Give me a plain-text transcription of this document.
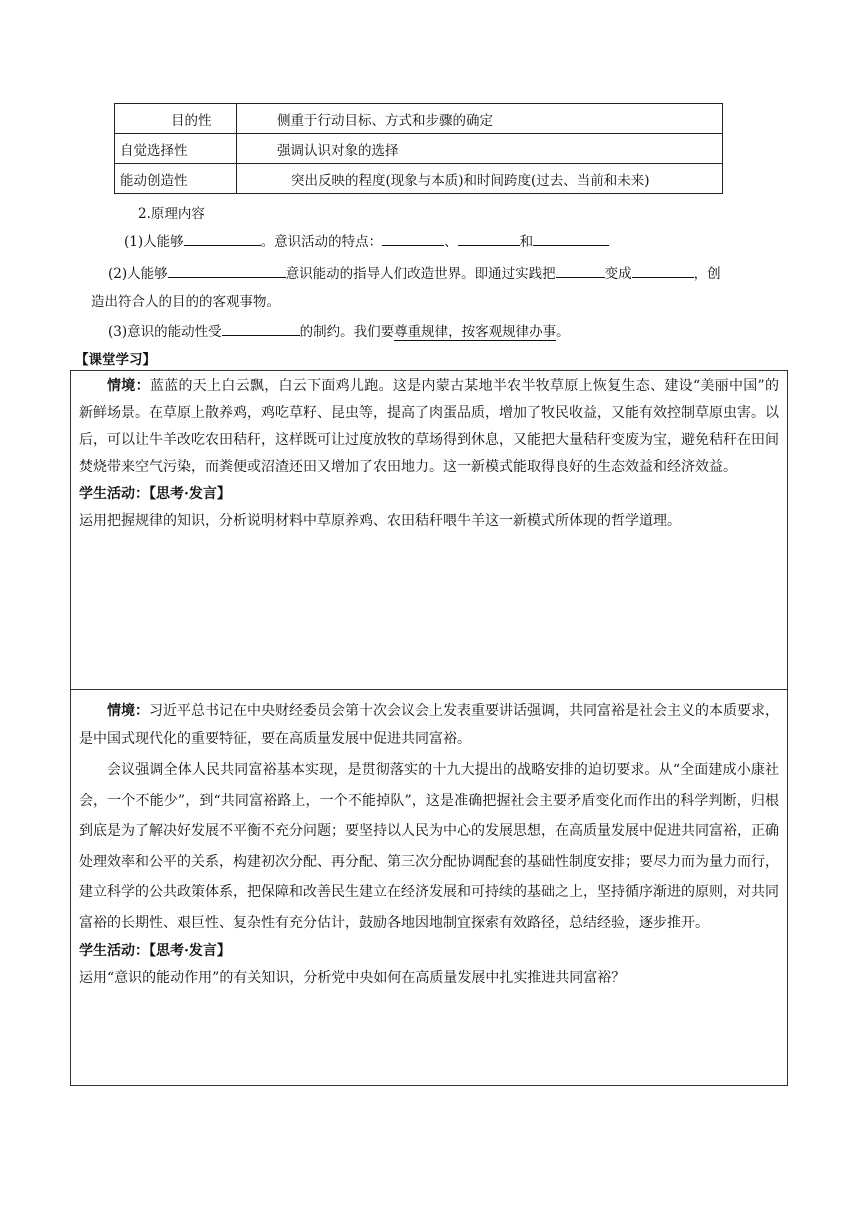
目的性	侧重于行动目标、方式和步骤的确定
自觉选择性	强调认识对象的选择
能动创造性	突出反映的程度(现象与本质)和时间跨度(过去、当前和未来)
2.原理内容
(1)人能够	。意识活动的特点：	、	和
(2)人能够	意识能动的指导人们改造世界。即通过实践把	变成	，创
造出符合人的目的的客观事物。
(3)意识的能动性受	的制约。我们要尊重规律，按客观规律办事。
【课堂学习】

情境：蓝蓝的天上白云飘，白云下面鸡儿跑。这是内蒙古某地半农半牧草原上恢复生态、建设“美丽中国”的新鲜场景。在草原上散养鸡，鸡吃草籽、昆虫等，提高了肉蛋品质，增加了牧民收益，又能有效控制草原虫害。以后，可以让牛羊改吃农田秸秆，这样既可让过度放牧的草场得到休息，又能把大量秸秆变废为宝，避免秸秆在田间焚烧带来空气污染，而粪便或沼渣还田又增加了农田地力。这一新模式能取得良好的生态效益和经济效益。

学生活动：【思考·发言】

运用把握规律的知识，分析说明材料中草原养鸡、农田秸秆喂牛羊这一新模式所体现的哲学道理。

情境：习近平总书记在中央财经委员会第十次会议会上发表重要讲话强调，共同富裕是社会主义的本质要求，是中国式现代化的重要特征，要在高质量发展中促进共同富裕。

会议强调全体人民共同富裕基本实现，是贯彻落实的十九大提出的战略安排的迫切要求。从“全面建成小康社会，一个不能少”，到“共同富裕路上，一个不能掉队”，这是准确把握社会主要矛盾变化而作出的科学判断，归根到底是为了解决好发展不平衡不充分问题；要坚持以人民为中心的发展思想，在高质量发展中促进共同富裕，正确处理效率和公平的关系，构建初次分配、再分配、第三次分配协调配套的基础性制度安排；要尽力而为量力而行，建立科学的公共政策体系，把保障和改善民生建立在经济发展和可持续的基础之上，坚持循序渐进的原则，对共同富裕的长期性、艰巨性、复杂性有充分估计，鼓励各地因地制宜探索有效路径，总结经验，逐步推开。

学生活动：【思考·发言】

运用“意识的能动作用”的有关知识，分析党中央如何在高质量发展中扎实推进共同富裕？
